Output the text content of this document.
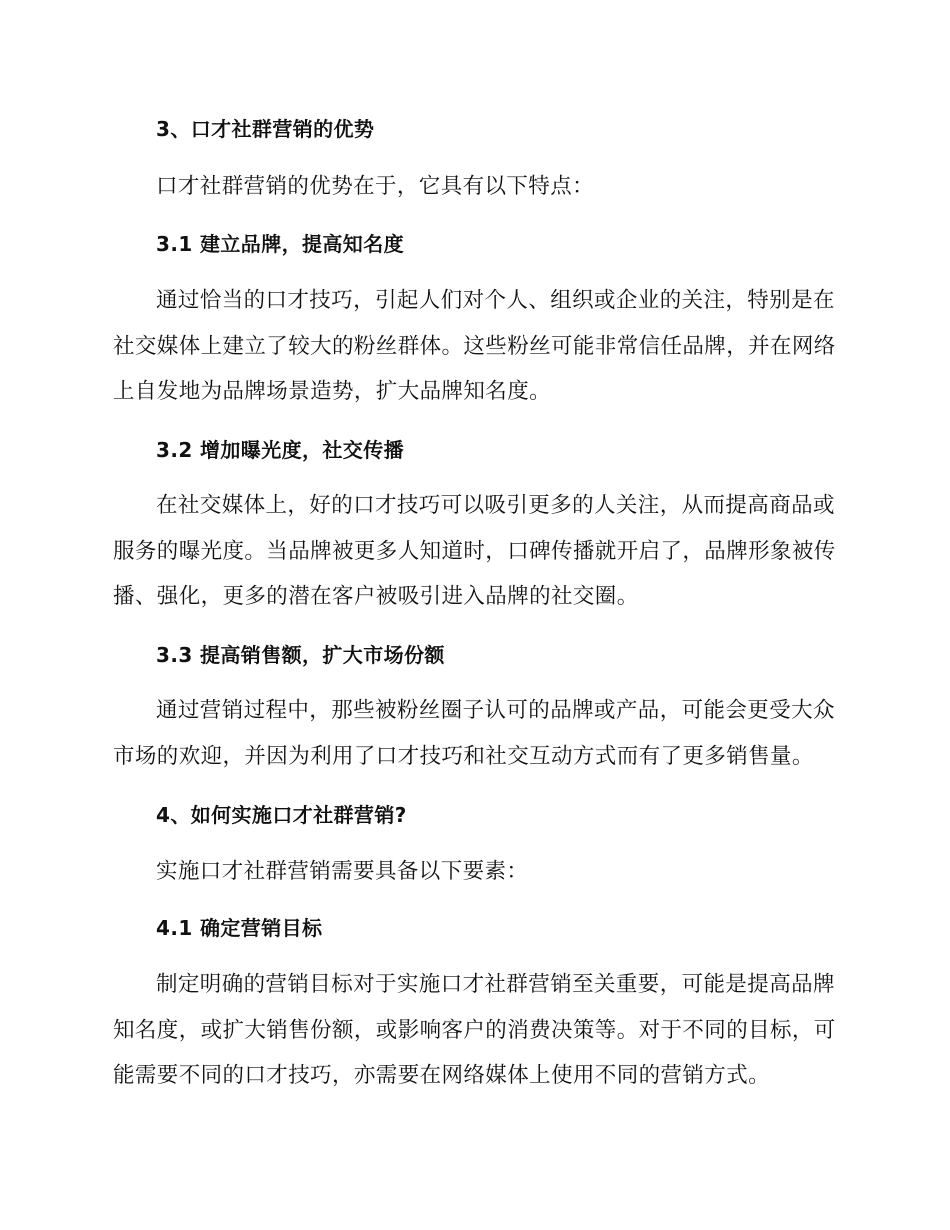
3、口才社群营销的优势
口才社群营销的优势在于，它具有以下特点：
3.1 建立品牌，提高知名度
通过恰当的口才技巧，引起人们对个人、组织或企业的关注，特别是在
社交媒体上建立了较大的粉丝群体。这些粉丝可能非常信任品牌，并在网络
上自发地为品牌场景造势，扩大品牌知名度。
3.2 增加曝光度，社交传播
在社交媒体上，好的口才技巧可以吸引更多的人关注，从而提高商品或
服务的曝光度。当品牌被更多人知道时，口碑传播就开启了，品牌形象被传
播、强化，更多的潜在客户被吸引进入品牌的社交圈。
3.3 提高销售额，扩大市场份额
通过营销过程中，那些被粉丝圈子认可的品牌或产品，可能会更受大众
市场的欢迎，并因为利用了口才技巧和社交互动方式而有了更多销售量。
4、如何实施口才社群营销?
实施口才社群营销需要具备以下要素：
4.1 确定营销目标
制定明确的营销目标对于实施口才社群营销至关重要，可能是提高品牌
知名度，或扩大销售份额，或影响客户的消费决策等。对于不同的目标，可
能需要不同的口才技巧，亦需要在网络媒体上使用不同的营销方式。
